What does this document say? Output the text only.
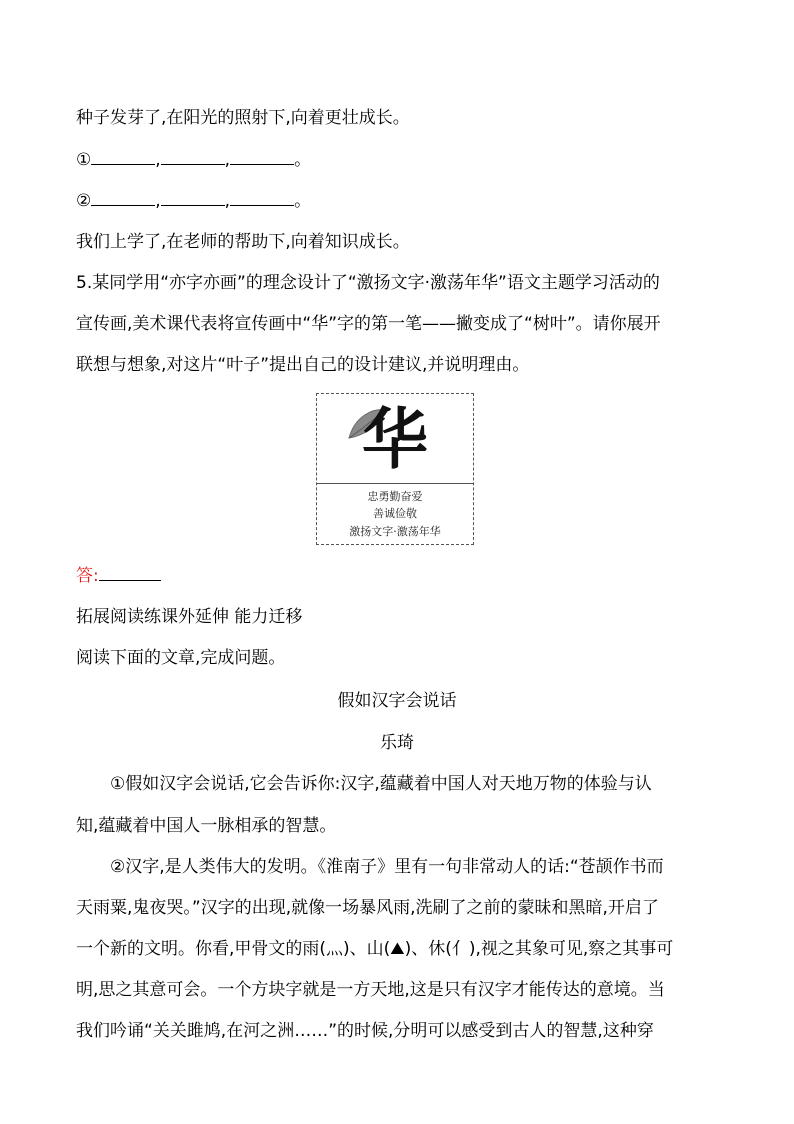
种子发芽了,在阳光的照射下,向着更壮成长。
①	,	,	。
②	,	,	。
我们上学了,在老师的帮助下,向着知识成长。
5.某同学用“亦字亦画”的理念设计了“激扬文字·激荡年华”语文主题学习活动的
宣传画,美术课代表将宣传画中“华”字的第一笔——撇变成了“树叶”。请你展开
联想与想象,对这片“叶子”提出自己的设计建议,并说明理由。
华
忠勇勤奋爱
善诚俭敬
激扬文字·激荡年华
答:
拓展阅读练课外延伸 能力迁移
阅读下面的文章,完成问题。
假如汉字会说话
乐琦
①假如汉字会说话,它会告诉你:汉字,蕴藏着中国人对天地万物的体验与认
知,蕴藏着中国人一脉相承的智慧。
②汉字,是人类伟大的发明。《淮南子》里有一句非常动人的话:“苍颉作书而
天雨粟,鬼夜哭。”汉字的出现,就像一场暴风雨,洗刷了之前的蒙昧和黑暗,开启了
一个新的文明。你看,甲骨文的雨(⺣)、山(⛰)、休(⺅),视之其象可见,察之其事可
明,思之其意可会。一个方块字就是一方天地,这是只有汉字才能传达的意境。当
我们吟诵“关关雎鸠,在河之洲……”的时候,分明可以感受到古人的智慧,这种穿
